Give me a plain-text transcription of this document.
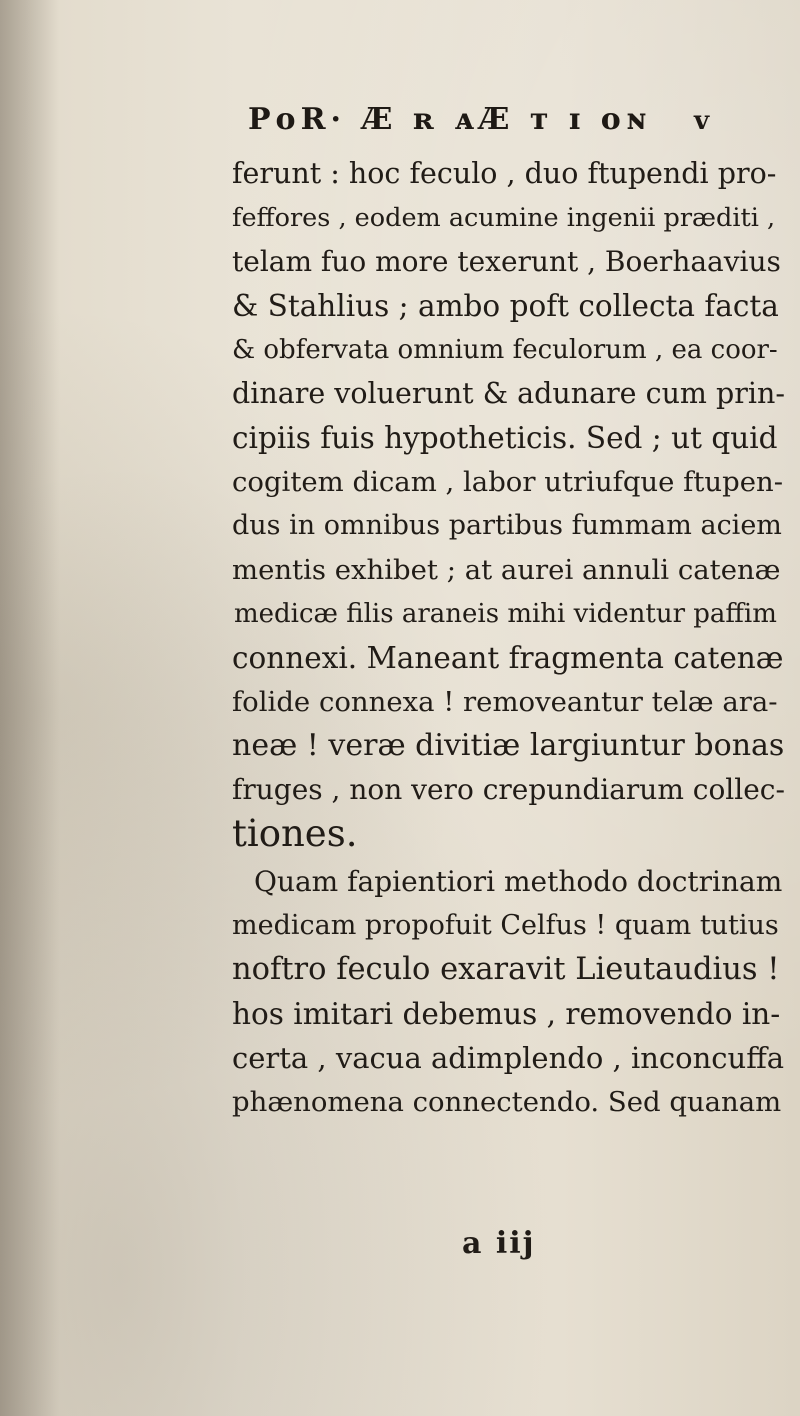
PᴏR· Æ ʀ ᴀÆ ᴛ ɪ ᴏɴ v
ferunt : hoc feculo , duo ftupendi pro-
feffores , eodem acumine ingenii præditi ,
telam fuo more texerunt , Boerhaavius
& Stahlius ; ambo poft collecta facta
& obfervata omnium feculorum , ea coor-
dinare voluerunt & adunare cum prin-
cipiis fuis hypotheticis. Sed ; ut quid
cogitem dicam , labor utriufque ftupen-
dus in omnibus partibus fummam aciem
mentis exhibet ; at aurei annuli catenæ
medicæ filis araneis mihi videntur paffim
connexi. Maneant fragmenta catenæ
folide connexa ! removeantur telæ ara-
neæ ! veræ divitiæ largiuntur bonas
fruges , non vero crepundiarum collec-
tiones.
Quam fapientiori methodo doctrinam
medicam propofuit Celfus ! quam tutius
noftro feculo exaravit Lieutaudius !
hos imitari debemus , removendo in-
certa , vacua adimplendo , inconcuffa
phænomena connectendo. Sed quanam
a iij
